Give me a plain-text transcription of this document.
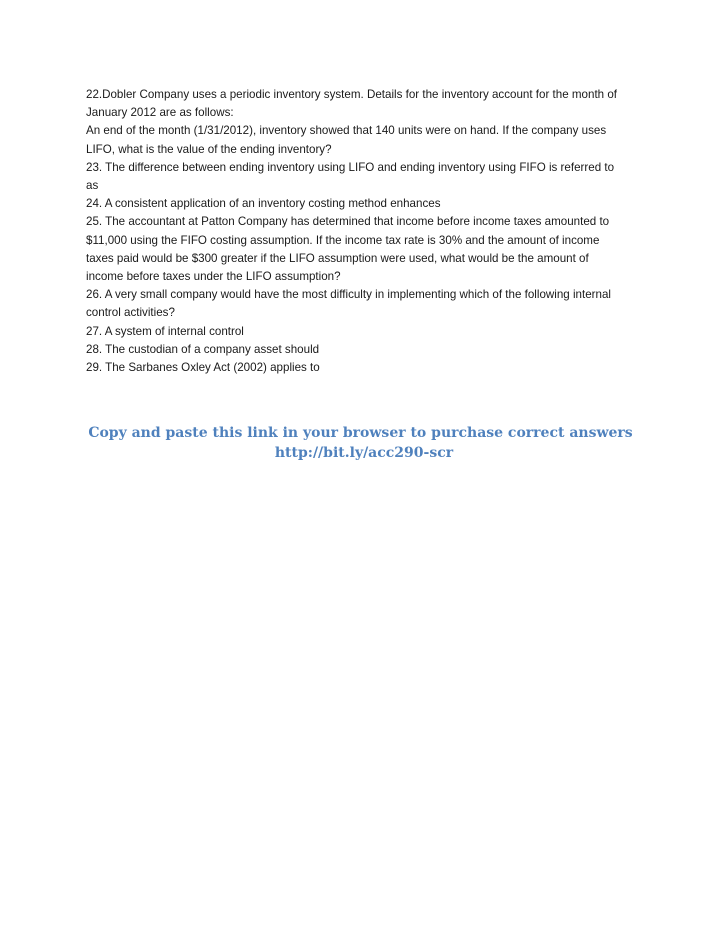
22.Dobler Company uses a periodic inventory system. Details for the inventory account for the month of
January 2012 are as follows:
An end of the month (1/31/2012), inventory showed that 140 units were on hand. If the company uses
LIFO, what is the value of the ending inventory?
23. The difference between ending inventory using LIFO and ending inventory using FIFO is referred to
as
24. A consistent application of an inventory costing method enhances
25. The accountant at Patton Company has determined that income before income taxes amounted to
$11,000 using the FIFO costing assumption. If the income tax rate is 30% and the amount of income
taxes paid would be $300 greater if the LIFO assumption were used, what would be the amount of
income before taxes under the LIFO assumption?
26. A very small company would have the most difficulty in implementing which of the following internal
control activities?
27. A system of internal control
28. The custodian of a company asset should
29. The Sarbanes Oxley Act (2002) applies to
Copy and paste this link in your browser to purchase correct answers
http://bit.ly/acc290-scr
